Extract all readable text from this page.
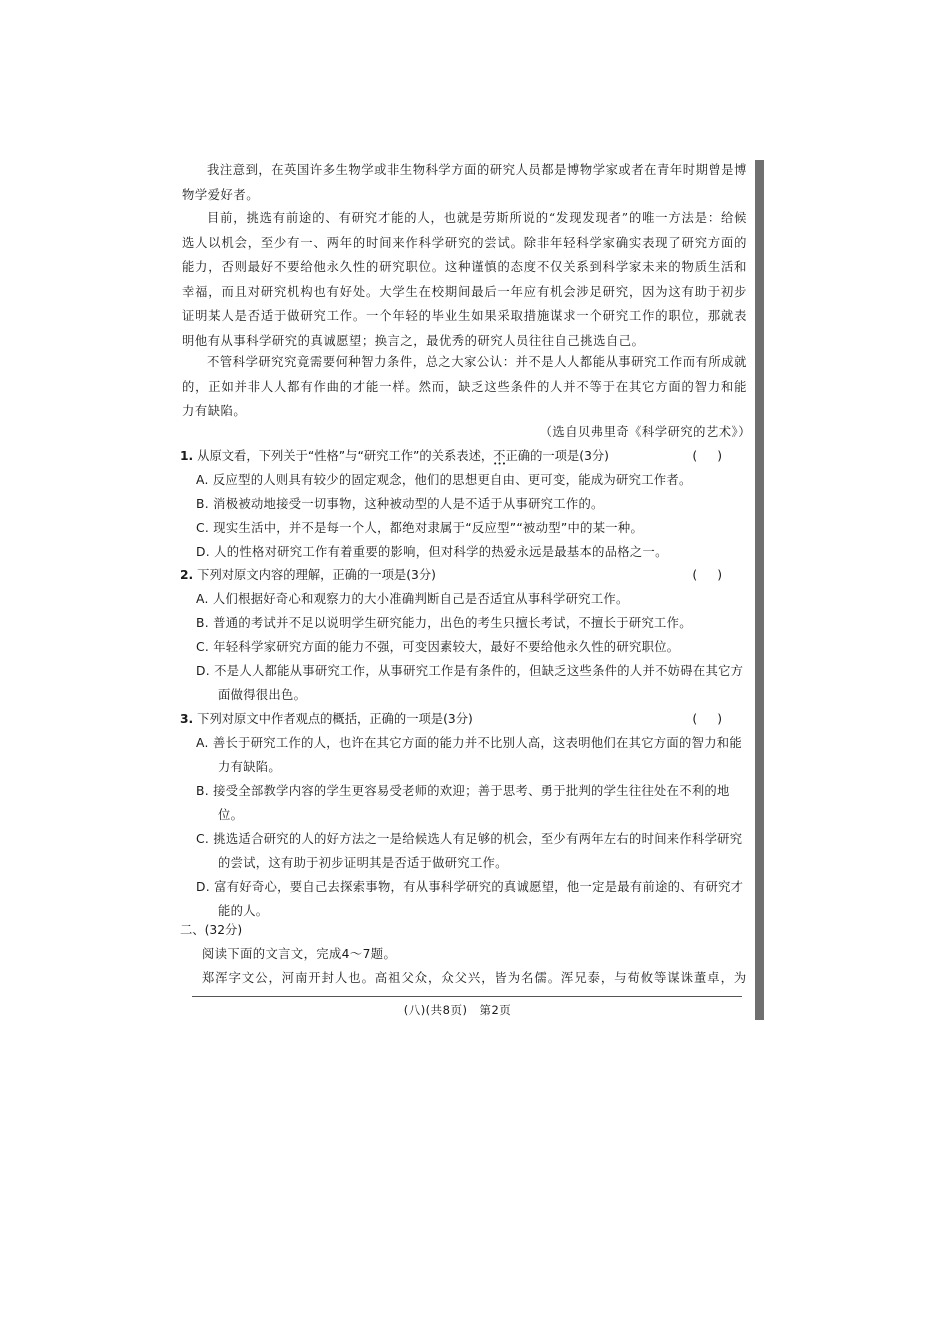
我注意到，在英国许多生物学或非生物科学方面的研究人员都是博物学家或者在青年时期曾是博物学爱好者。

目前，挑选有前途的、有研究才能的人，也就是劳斯所说的“发现发现者”的唯一方法是：给候选人以机会，至少有一、两年的时间来作科学研究的尝试。除非年轻科学家确实表现了研究方面的能力，否则最好不要给他永久性的研究职位。这种谨慎的态度不仅关系到科学家未来的物质生活和幸福，而且对研究机构也有好处。大学生在校期间最后一年应有机会涉足研究，因为这有助于初步证明某人是否适于做研究工作。一个年轻的毕业生如果采取措施谋求一个研究工作的职位，那就表明他有从事科学研究的真诚愿望；换言之，最优秀的研究人员往往自己挑选自己。

不管科学研究究竟需要何种智力条件，总之大家公认：并不是人人都能从事研究工作而有所成就的，正如并非人人都有作曲的才能一样。然而，缺乏这些条件的人并不等于在其它方面的智力和能力有缺陷。

（选自贝弗里奇《科学研究的艺术》）
1. 从原文看，下列关于“性格”与“研究工作”的关系表述，不正确 • • •的一项是(3分)	()
A. 反应型的人则具有较少的固定观念，他们的思想更自由、更可变，能成为研究工作者。
B. 消极被动地接受一切事物，这种被动型的人是不适于从事研究工作的。
C. 现实生活中，并不是每一个人，都绝对隶属于“反应型”“被动型”中的某一种。
D. 人的性格对研究工作有着重要的影响，但对科学的热爱永远是最基本的品格之一。
2. 下列对原文内容的理解，正确的一项是(3分)	()
A. 人们根据好奇心和观察力的大小准确判断自己是否适宜从事科学研究工作。
B. 普通的考试并不足以说明学生研究能力，出色的考生只擅长考试，不擅长于研究工作。
C. 年轻科学家研究方面的能力不强，可变因素较大，最好不要给他永久性的研究职位。
D. 不是人人都能从事研究工作，从事研究工作是有条件的，但缺乏这些条件的人并不妨碍在其它方面做得很出色。
3. 下列对原文中作者观点的概括，正确的一项是(3分)	()
A. 善长于研究工作的人，也许在其它方面的能力并不比别人高，这表明他们在其它方面的智力和能力有缺陷。
B. 接受全部教学内容的学生更容易受老师的欢迎；善于思考、勇于批判的学生往往处在不利的地位。
C. 挑选适合研究的人的好方法之一是给候选人有足够的机会，至少有两年左右的时间来作科学研究的尝试，这有助于初步证明其是否适于做研究工作。
D. 富有好奇心，要自己去探索事物，有从事科学研究的真诚愿望，他一定是最有前途的、有研究才能的人。
二、(32分)
阅读下面的文言文，完成4～7题。
郑浑字文公，河南开封人也。高祖父众，众父兴，皆为名儒。浑兄泰，与荀攸等谋诛董卓，为
(八)(共8页)　第2页
